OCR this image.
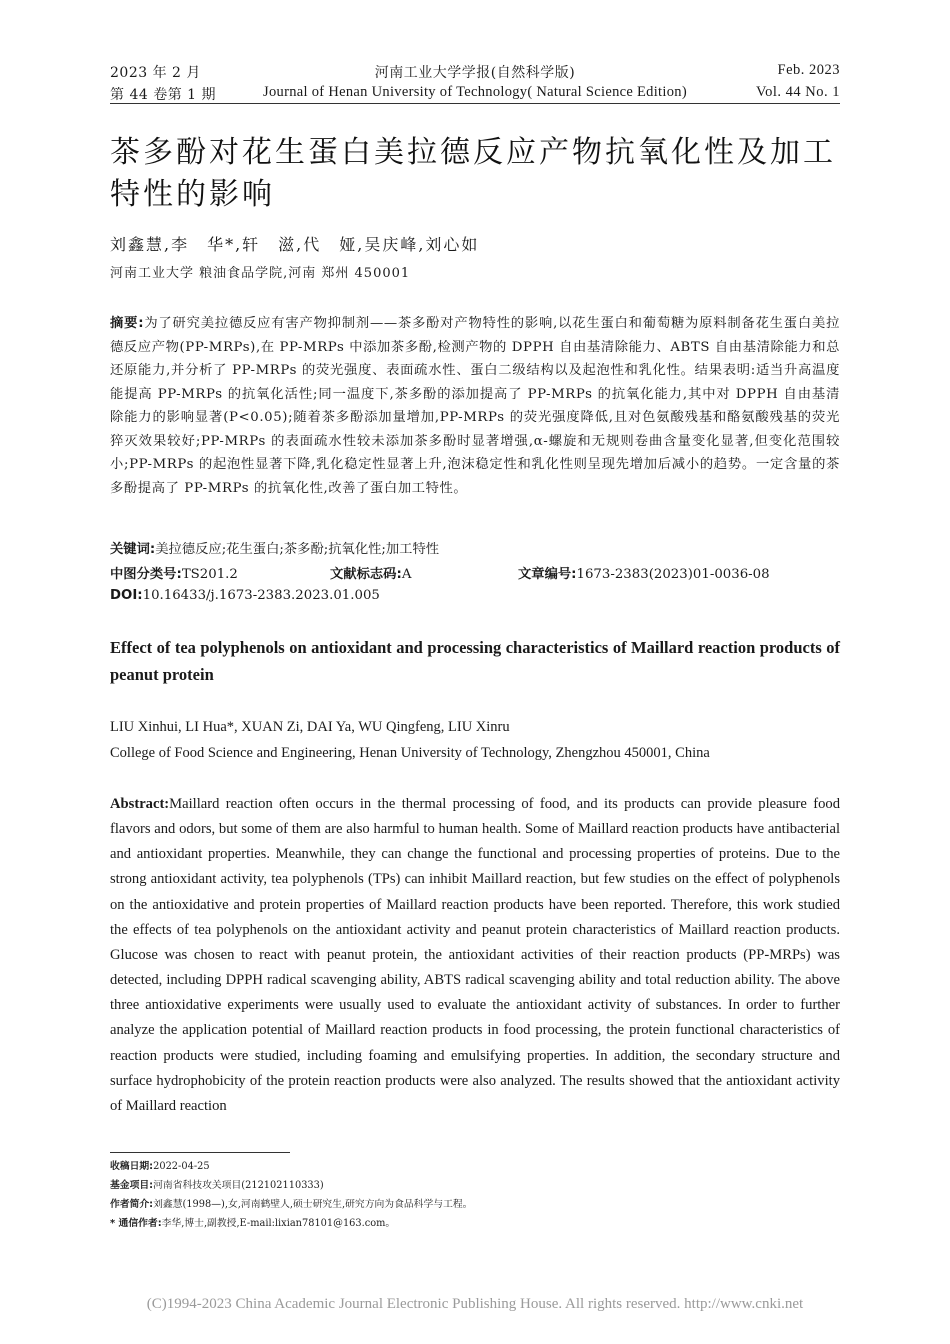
2023 年 2 月
第 44 卷第 1 期
河南工业大学学报(自然科学版)
Journal of Henan University of Technology( Natural Science Edition)
Feb. 2023
Vol. 44 No. 1
茶多酚对花生蛋白美拉德反应产物抗氧化性及加工特性的影响
刘鑫慧,李　华*,轩　滋,代　娅,吴庆峰,刘心如
河南工业大学 粮油食品学院,河南 郑州 450001
摘要:为了研究美拉德反应有害产物抑制剂——茶多酚对产物特性的影响,以花生蛋白和葡萄糖为原料制备花生蛋白美拉德反应产物(PP-MRPs),在 PP-MRPs 中添加茶多酚,检测产物的 DPPH 自由基清除能力、ABTS 自由基清除能力和总还原能力,并分析了 PP-MRPs 的荧光强度、表面疏水性、蛋白二级结构以及起泡性和乳化性。结果表明:适当升高温度能提高 PP-MRPs 的抗氧化活性;同一温度下,茶多酚的添加提高了 PP-MRPs 的抗氧化能力,其中对 DPPH 自由基清除能力的影响显著(P<0.05);随着茶多酚添加量增加,PP-MRPs 的荧光强度降低,且对色氨酸残基和酪氨酸残基的荧光猝灭效果较好;PP-MRPs 的表面疏水性较未添加茶多酚时显著增强,α-螺旋和无规则卷曲含量变化显著,但变化范围较小;PP-MRPs 的起泡性显著下降,乳化稳定性显著上升,泡沫稳定性和乳化性则呈现先增加后减小的趋势。一定含量的茶多酚提高了 PP-MRPs 的抗氧化性,改善了蛋白加工特性。
关键词:美拉德反应;花生蛋白;茶多酚;抗氧化性;加工特性
中图分类号:TS201.2	文献标志码:A	文章编号:1673-2383(2023)01-0036-08
DOI:10.16433/j.1673-2383.2023.01.005
Effect of tea polyphenols on antioxidant and processing characteristics of Maillard reaction products of peanut protein
LIU Xinhui, LI Hua*, XUAN Zi, DAI Ya, WU Qingfeng, LIU Xinru
College of Food Science and Engineering, Henan University of Technology, Zhengzhou 450001, China
Abstract:Maillard reaction often occurs in the thermal processing of food, and its products can provide pleasure food flavors and odors, but some of them are also harmful to human health. Some of Maillard reaction products have antibacterial and antioxidant properties. Meanwhile, they can change the functional and processing properties of proteins. Due to the strong antioxidant activity, tea polyphenols (TPs) can inhibit Maillard reaction, but few studies on the effect of polyphenols on the antioxidative and protein properties of Maillard reaction products have been reported. Therefore, this work studied the effects of tea polyphenols on the antioxidant activity and peanut protein characteristics of Maillard reaction products. Glucose was chosen to react with peanut protein, the antioxidant activities of their reaction products (PP-MRPs) was detected, including DPPH radical scavenging ability, ABTS radical scavenging ability and total reduction ability. The above three antioxidative experiments were usually used to evaluate the antioxidant activity of substances. In order to further analyze the application potential of Maillard reaction products in food processing, the protein functional characteristics of reaction products were studied, including foaming and emulsifying properties. In addition, the secondary structure and surface hydrophobicity of the protein reaction products were also analyzed. The results showed that the antioxidant activity of Maillard reaction
收稿日期:2022-04-25
基金项目:河南省科技攻关项目(212102110333)
作者简介:刘鑫慧(1998—),女,河南鹤壁人,硕士研究生,研究方向为食品科学与工程。
* 通信作者:李华,博士,副教授,E-mail:lixian78101@163.com。
(C)1994-2023 China Academic Journal Electronic Publishing House. All rights reserved. http://www.cnki.net
